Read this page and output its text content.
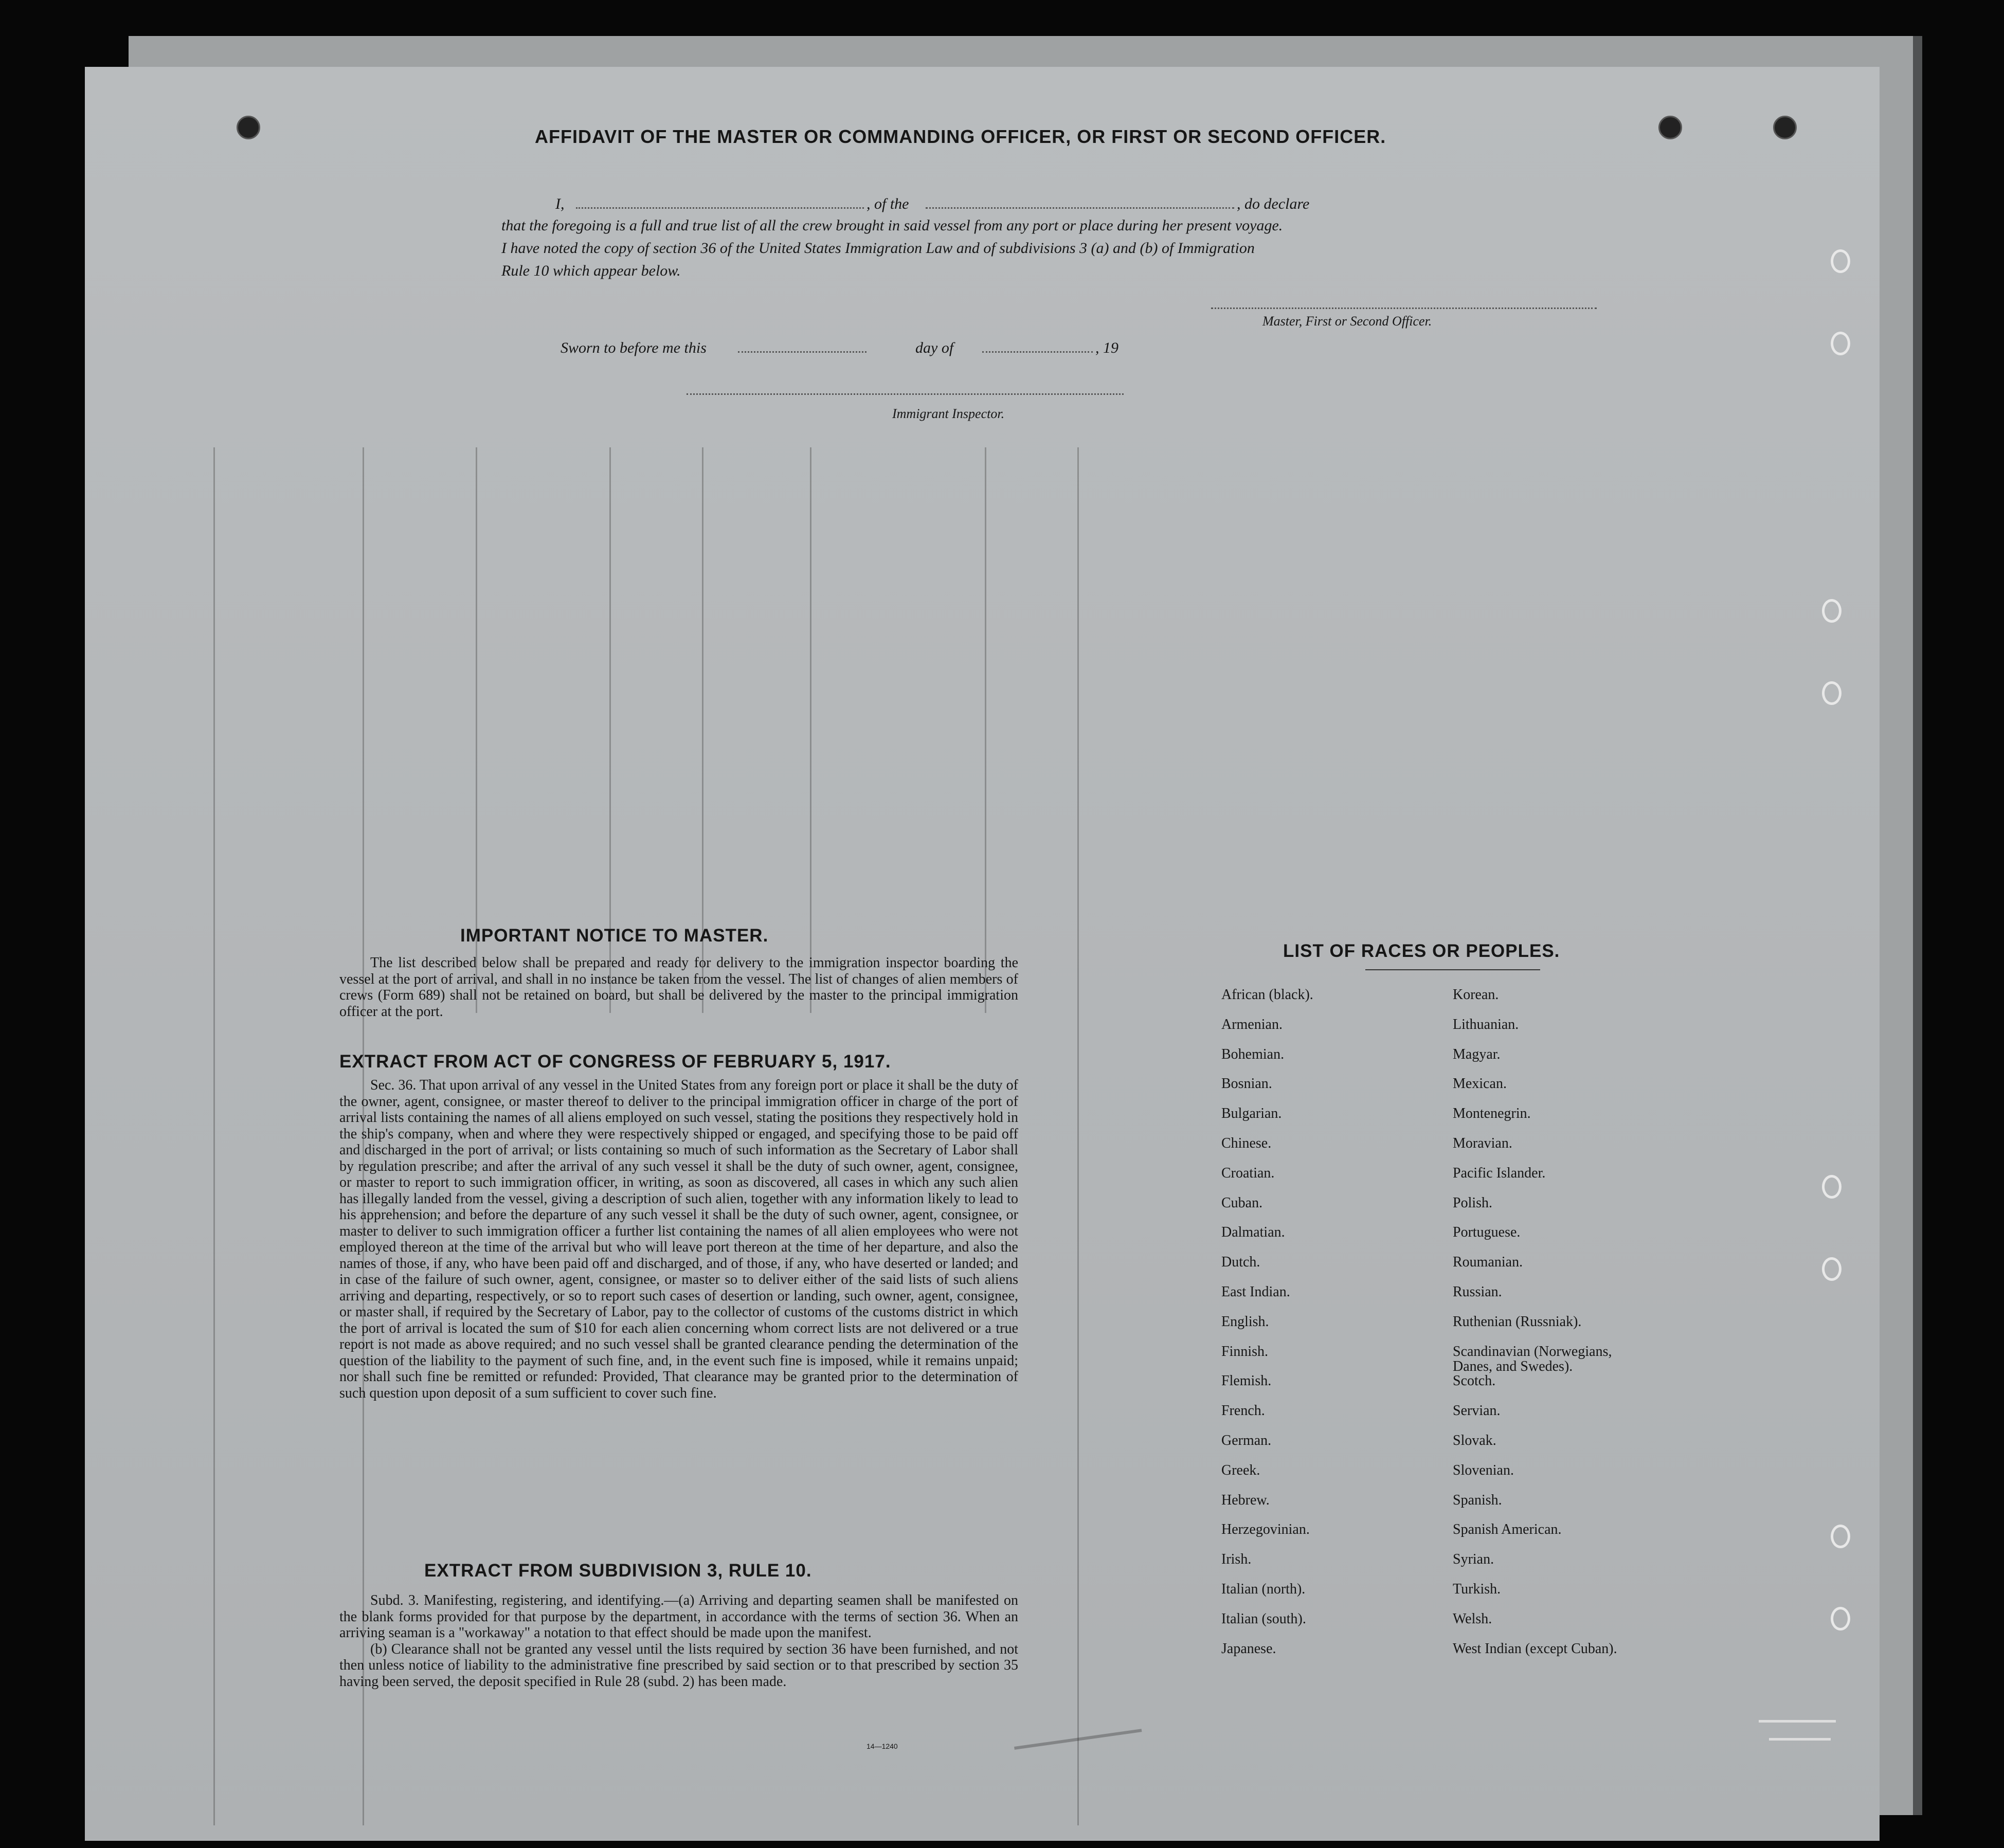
AFFIDAVIT OF THE MASTER OR COMMANDING OFFICER, OR FIRST OR SECOND OFFICER.
I,	, of the	, do declare
that the foregoing is a full and true list of all the crew brought in said vessel from any port or place during her present voyage.
I have noted the copy of section 36 of the United States Immigration Law and of subdivisions 3 (a) and (b) of Immigration
Rule 10 which appear below.
Master, First or Second Officer.
Sworn to before me this	day of	, 19
Immigrant Inspector.
IMPORTANT NOTICE TO MASTER.

The list described below shall be prepared and ready for delivery to the immigration inspector boarding the vessel at the port of arrival, and shall in no instance be taken from the vessel. The list of changes of alien members of crews (Form 689) shall not be retained on board, but shall be delivered by the master to the principal immigration officer at the port.

EXTRACT FROM ACT OF CONGRESS OF FEBRUARY 5, 1917.

Sec. 36. That upon arrival of any vessel in the United States from any foreign port or place it shall be the duty of the owner, agent, consignee, or master thereof to deliver to the principal immigration officer in charge of the port of arrival lists containing the names of all aliens employed on such vessel, stating the positions they respectively hold in the ship's company, when and where they were respectively shipped or engaged, and specifying those to be paid off and discharged in the port of arrival; or lists containing so much of such information as the Secretary of Labor shall by regulation prescribe; and after the arrival of any such vessel it shall be the duty of such owner, agent, consignee, or master to report to such immigration officer, in writing, as soon as discovered, all cases in which any such alien has illegally landed from the vessel, giving a description of such alien, together with any information likely to lead to his apprehension; and before the departure of any such vessel it shall be the duty of such owner, agent, consignee, or master to deliver to such immigration officer a further list containing the names of all alien employees who were not employed thereon at the time of the arrival but who will leave port thereon at the time of her departure, and also the names of those, if any, who have been paid off and discharged, and of those, if any, who have deserted or landed; and in case of the failure of such owner, agent, consignee, or master so to deliver either of the said lists of such aliens arriving and departing, respectively, or so to report such cases of desertion or landing, such owner, agent, consignee, or master shall, if required by the Secretary of Labor, pay to the collector of customs of the customs district in which the port of arrival is located the sum of $10 for each alien concerning whom correct lists are not delivered or a true report is not made as above required; and no such vessel shall be granted clearance pending the determination of the question of the liability to the payment of such fine, and, in the event such fine is imposed, while it remains unpaid; nor shall such fine be remitted or refunded: Provided, That clearance may be granted prior to the determination of such question upon deposit of a sum sufficient to cover such fine.

EXTRACT FROM SUBDIVISION 3, RULE 10.

Subd. 3. Manifesting, registering, and identifying.—(a) Arriving and departing seamen shall be manifested on the blank forms provided for that purpose by the department, in accordance with the terms of section 36. When an arriving seaman is a "workaway" a notation to that effect should be made upon the manifest.

(b) Clearance shall not be granted any vessel until the lists required by section 36 have been furnished, and not then unless notice of liability to the administrative fine prescribed by said section or to that prescribed by section 35 having been served, the deposit specified in Rule 28 (subd. 2) has been made.

14—1240
LIST OF RACES OR PEOPLES.
African (black).
Armenian.
Bohemian.
Bosnian.
Bulgarian.
Chinese.
Croatian.
Cuban.
Dalmatian.
Dutch.
East Indian.
English.
Finnish.
Flemish.
French.
German.
Greek.
Hebrew.
Herzegovinian.
Irish.
Italian (north).
Italian (south).
Japanese.
Korean.
Lithuanian.
Magyar.
Mexican.
Montenegrin.
Moravian.
Pacific Islander.
Polish.
Portuguese.
Roumanian.
Russian.
Ruthenian (Russniak).
Scandinavian (Norwegians,
Danes, and Swedes).
Scotch.
Servian.
Slovak.
Slovenian.
Spanish.
Spanish American.
Syrian.
Turkish.
Welsh.
West Indian (except Cuban).
